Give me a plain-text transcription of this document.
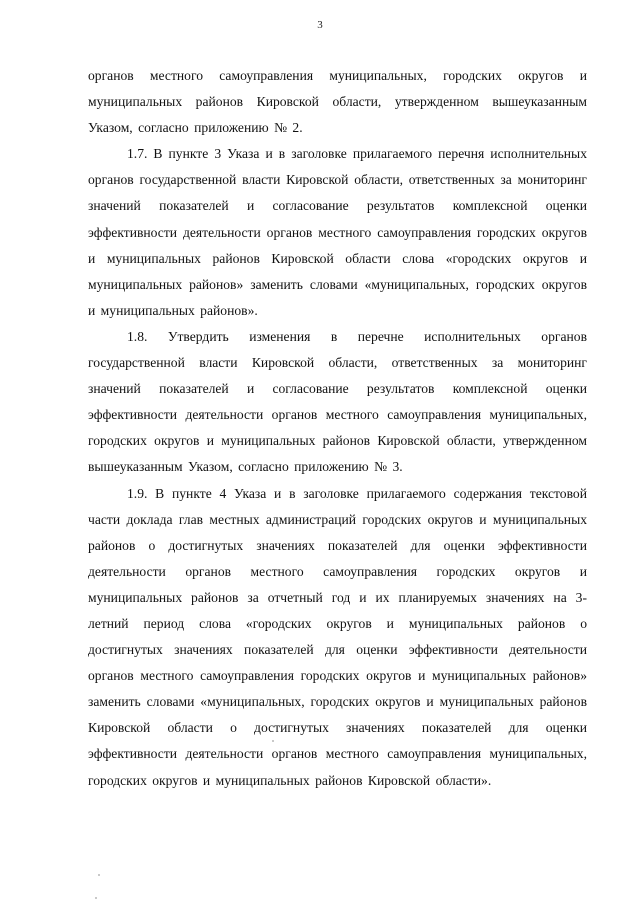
3

органов местного самоуправления муниципальных, городских округов и муниципальных районов Кировской области, утвержденном вышеуказанным Указом, согласно приложению № 2.

1.7. В пункте 3 Указа и в заголовке прилагаемого перечня исполнительных органов государственной власти Кировской области, ответственных за мониторинг значений показателей и согласование результатов комплексной оценки эффективности деятельности органов местного самоуправления городских округов и муниципальных районов Кировской области слова «городских округов и муниципальных районов» заменить словами «муниципальных, городских округов и муниципальных районов».

1.8. Утвердить изменения в перечне исполнительных органов государственной власти Кировской области, ответственных за мониторинг значений показателей и согласование результатов комплексной оценки эффективности деятельности органов местного самоуправления муниципальных, городских округов и муниципальных районов Кировской области, утвержденном вышеуказанным Указом, согласно приложению № 3.

1.9. В пункте 4 Указа и в заголовке прилагаемого содержания текстовой части доклада глав местных администраций городских округов и муниципальных районов о достигнутых значениях показателей для оценки эффективности деятельности органов местного самоуправления городских округов и муниципальных районов за отчетный год и их планируемых значениях на 3-летний период слова «городских округов и муниципальных районов о достигнутых значениях показателей для оценки эффективности деятельности органов местного самоуправления городских округов и муниципальных районов» заменить словами «муниципальных, городских округов и муниципальных районов Кировской области о достигнутых значениях показателей для оценки эффективности деятельности органов местного самоуправления муниципальных, городских округов и муниципальных районов Кировской области».
